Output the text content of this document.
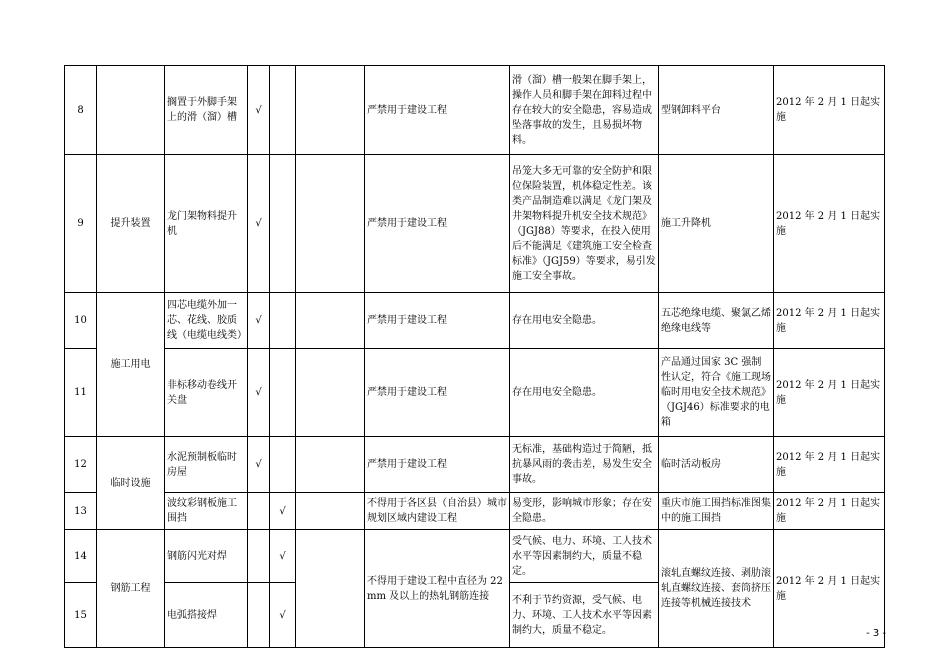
8		搁置于外脚手架上的滑（溜）槽	√			严禁用于建设工程	滑（溜）槽一般架在脚手架上，操作人员和脚手架在卸料过程中存在较大的安全隐患，容易造成坠落事故的发生，且易损坏物料。	型钢卸料平台	2012 年 2 月 1 日起实施
9	提升装置	龙门架物料提升机	√			严禁用于建设工程	吊笼大多无可靠的安全防护和限位保险装置，机体稳定性差。该类产品制造难以满足《龙门架及井架物料提升机安全技术规范》（JGJ88）等要求，在投入使用后不能满足《建筑施工安全检查标准》（JGJ59）等要求，易引发施工安全事故。	施工升降机	2012 年 2 月 1 日起实施
10	施工用电	四芯电缆外加一芯、花线、胶质线（电缆电线类）	√			严禁用于建设工程	存在用电安全隐患。	五芯绝缘电缆、聚氯乙烯绝缘电线等	2012 年 2 月 1 日起实施
11		非标移动卷线开关盘	√			严禁用于建设工程	存在用电安全隐患。	产品通过国家 3C 强制性认定，符合《施工现场临时用电安全技术规范》（JGJ46）标准要求的电箱	2012 年 2 月 1 日起实施
12	临时设施	水泥预制板临时房屋	√			严禁用于建设工程	无标准，基础构造过于简陋，抵抗暴风雨的袭击差，易发生安全事故。	临时活动板房	2012 年 2 月 1 日起实施
13		波纹彩钢板施工围挡		√		不得用于各区县（自治县）城市规划区域内建设工程	易变形，影响城市形象；存在安全隐患。	重庆市施工围挡标准图集中的施工围挡	2012 年 2 月 1 日起实施
14	钢筋工程	钢筋闪光对焊		√		不得用于建设工程中直径为 22mm 及以上的热轧钢筋连接	受气候、电力、环境、工人技术水平等因素制约大，质量不稳定。	滚轧直螺纹连接、剥肋滚轧直螺纹连接、套筒挤压连接等机械连接技术	2012 年 2 月 1 日起实施
15		电弧搭接焊		√			不利于节约资源，受气候、电力、环境、工人技术水平等因素制约大，质量不稳定。			- 3 -
